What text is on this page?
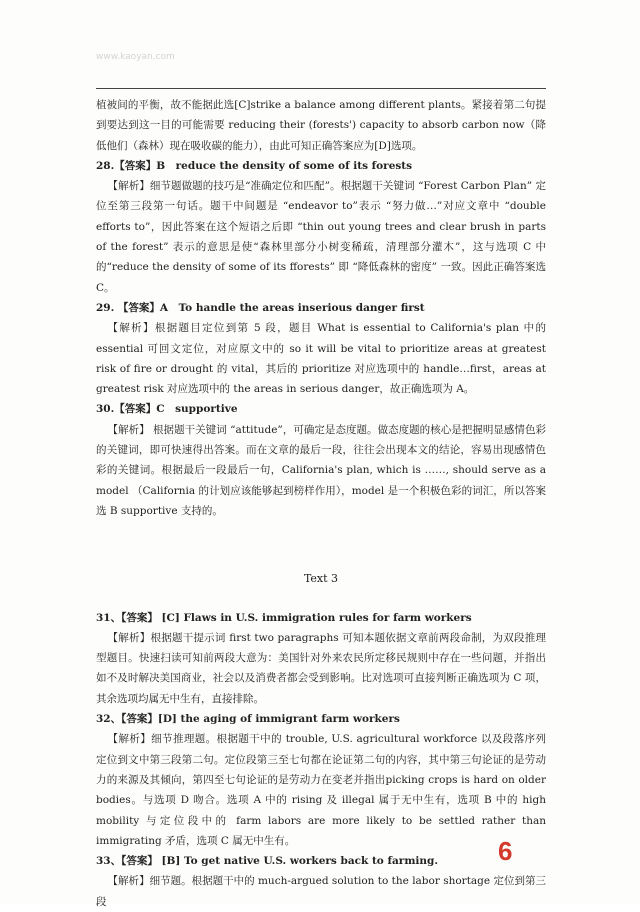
www.kaoyan.com

植被间的平衡，故不能据此选[C]strike a balance among different plants。紧接着第二句提到要达到这一目的可能需要 reducing their (forests') capacity to absorb carbon now（降低他们（森林）现在吸收碳的能力），由此可知正确答案应为[D]选项。

28.【答案】B　reduce the density of some of its forests

【解析】细节题做题的技巧是“准确定位和匹配”。根据题干关键词 “Forest Carbon Plan” 定位至第三段第一句话。题干中间题是 “endeavor to”表示 “努力做…”对应文章中 “double efforts to”，因此答案在这个短语之后即 “thin out young trees and clear brush in parts of the forest” 表示的意思是使“森林里部分小树变稀疏，清理部分灌木”，这与选项 C 中的“reduce the density of some of its fforests” 即 “降低森林的密度” 一致。因此正确答案选 C。

29. 【答案】A　To handle the areas inserious danger first

【解析】根据题目定位到第 5 段，题目 What is essential to California's plan 中的 essential 可回文定位，对应原文中的 so it will be vital to prioritize areas at greatest risk of fire or drought 的 vital，其后的 prioritize 对应选项中的 handle…first，areas at greatest risk 对应选项中的 the areas in serious danger，故正确选项为 A。

30.【答案】C　supportive

【解析】 根据题干关键词 “attitude”，可确定是态度题。做态度题的核心是把握明显感情色彩的关键词，即可快速得出答案。而在文章的最后一段，往往会出现本文的结论，容易出现感情色彩的关键词。根据最后一段最后一句，California's plan, which is ……, should serve as a model （California 的计划应该能够起到榜样作用），model 是一个积极色彩的词汇，所以答案选 B supportive 支持的。

Text 3

31、【答案】 [C] Flaws in U.S. immigration rules for farm workers

【解析】根据题干提示词 first two paragraphs 可知本题依据文章前两段命制，为双段推理型题目。快速扫读可知前两段大意为：美国针对外来农民所定移民规则中存在一些问题，并指出如不及时解决美国商业，社会以及消费者都会受到影响。比对选项可直接判断正确选项为 C 项，其余选项均属无中生有，直接排除。

32、【答案】[D] the aging of immigrant farm workers

【解析】细节推理题。根据题干中的 trouble, U.S. agricultural workforce 以及段落序列定位到文中第三段第二句。定位段第三至七句都在论证第二句的内容，其中第三句论证的是劳动力的来源及其倾向，第四至七句论证的是劳动力在变老并指出picking crops is hard on older bodies。与选项 D 吻合。选项 A 中的 rising 及 illegal 属于无中生有，选项 B 中的 high mobility 与定位段中的 farm labors are more likely to be settled rather than immigrating 矛盾，选项 C 属无中生有。

33、【答案】 [B] To get native U.S. workers back to farming.

【解析】细节题。根据题干中的 much-argued solution to the labor shortage 定位到第三段

6
